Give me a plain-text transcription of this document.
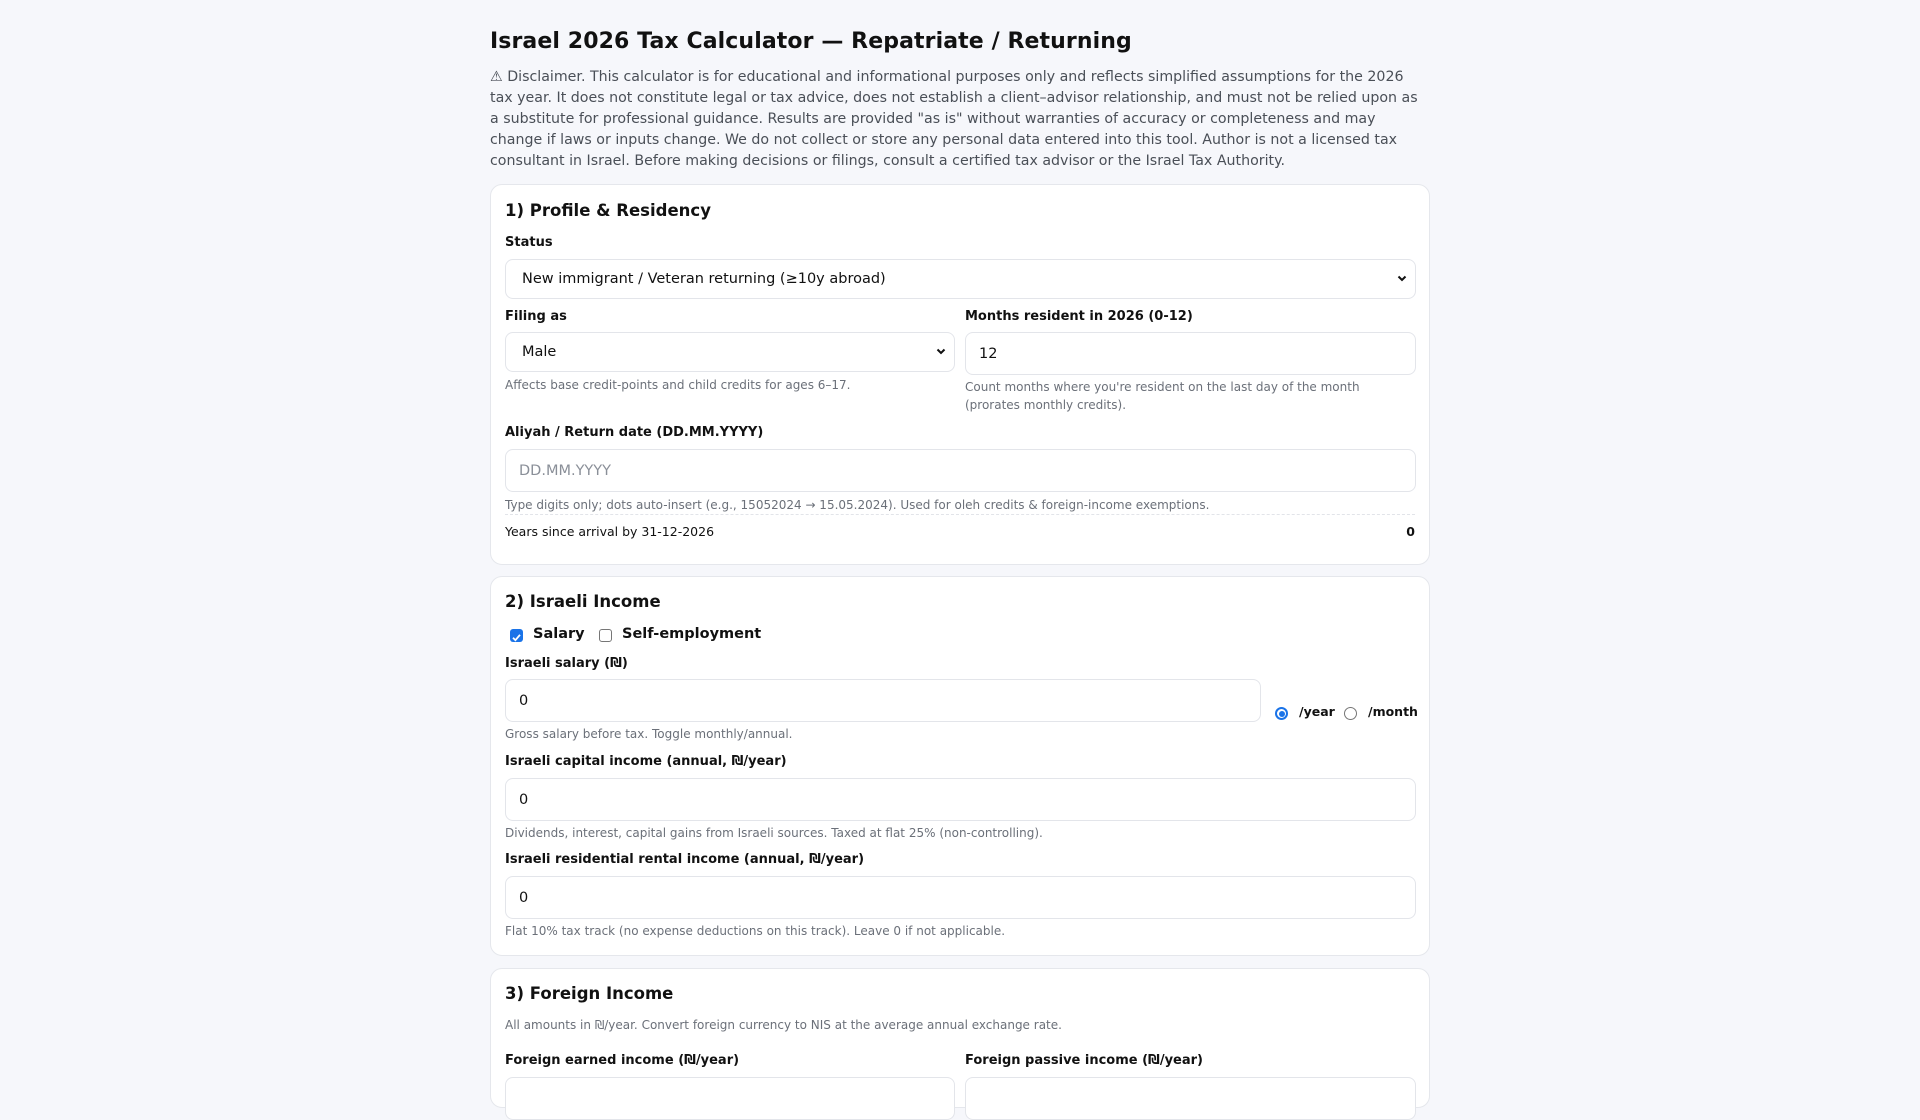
Israel 2026 Tax Calculator — Repatriate / Returning
⚠ Disclaimer. This calculator is for educational and informational purposes only and reflects simplified assumptions for the 2026 tax year. It does not constitute legal or tax advice, does not establish a client–advisor relationship, and must not be relied upon as a substitute for professional guidance. Results are provided "as is" without warranties of accuracy or completeness and may change if laws or inputs change. We do not collect or store any personal data entered into this tool. Author is not a licensed tax consultant in Israel. Before making decisions or filings, consult a certified tax advisor or the Israel Tax Authority.
1) Profile & Residency
Status
New immigrant / Veteran returning (≥10y abroad)
Filing as
Male
Affects base credit-points and child credits for ages 6–17.
Months resident in 2026 (0-12)
12
Count months where you're resident on the last day of the month (prorates monthly credits).
Aliyah / Return date (DD.MM.YYYY)
DD.MM.YYYY
Type digits only; dots auto-insert (e.g., 15052024 → 15.05.2024). Used for oleh credits & foreign-income exemptions.
Years since arrival by 31-12-2026	0
2) Israeli Income
Salary	Self-employment
Israeli salary (₪)
0
/year	/month
Gross salary before tax. Toggle monthly/annual.
Israeli capital income (annual, ₪/year)
0
Dividends, interest, capital gains from Israeli sources. Taxed at flat 25% (non-controlling).
Israeli residential rental income (annual, ₪/year)
0
Flat 10% tax track (no expense deductions on this track). Leave 0 if not applicable.
3) Foreign Income
All amounts in ₪/year. Convert foreign currency to NIS at the average annual exchange rate.
Foreign earned income (₪/year)	Foreign passive income (₪/year)
